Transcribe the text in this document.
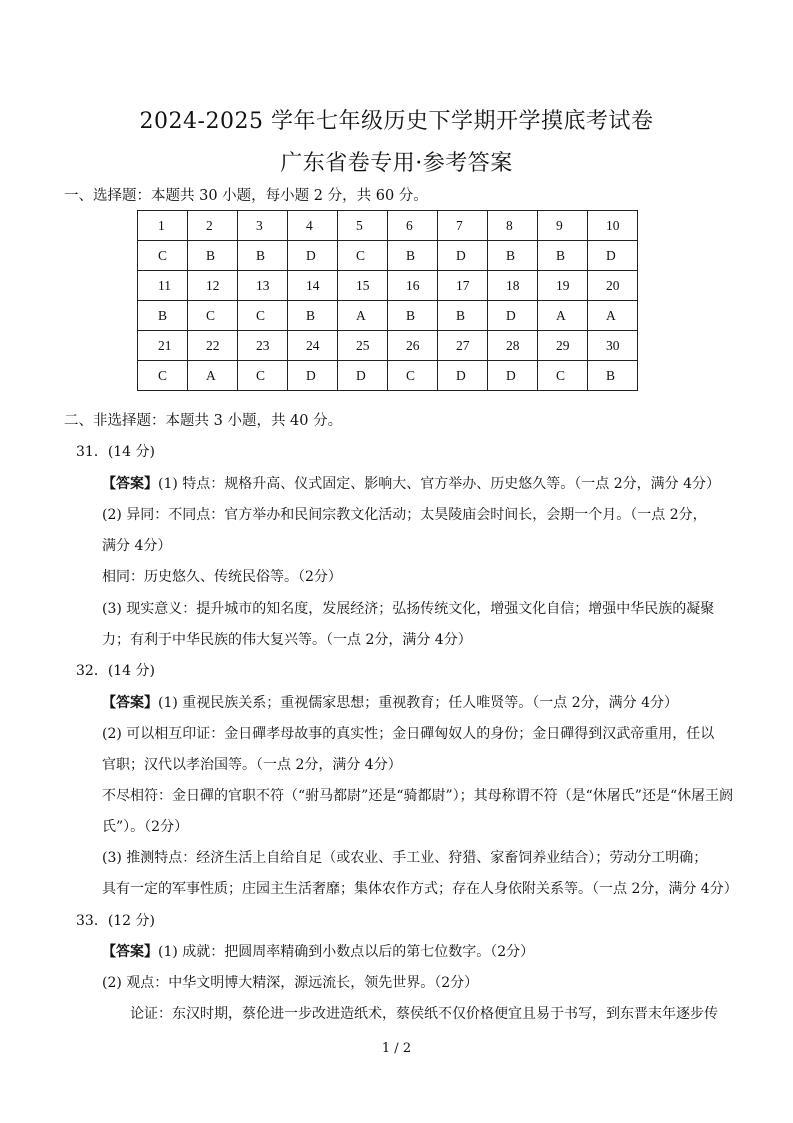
2024-2025 学年七年级历史下学期开学摸底考试卷
广东省卷专用·参考答案
一、选择题：本题共 30 小题，每小题 2 分，共 60 分。
1	2	3	4	5	6	7	8	9	10
C	B	B	D	C	B	D	B	B	D
11	12	13	14	15	16	17	18	19	20
B	C	C	B	A	B	B	D	A	A
21	22	23	24	25	26	27	28	29	30
C	A	C	D	D	C	D	D	C	B
二、非选择题：本题共 3 小题，共 40 分。
31．(14 分)
【答案】(1) 特点：规格升高、仪式固定、影响大、官方举办、历史悠久等。（一点 2分，满分 4分）
(2) 异同：不同点：官方举办和民间宗教文化活动；太昊陵庙会时间长，会期一个月。（一点 2分，
满分 4分）
相同：历史悠久、传统民俗等。（2分）
(3) 现实意义：提升城市的知名度，发展经济；弘扬传统文化，增强文化自信；增强中华民族的凝聚
力；有利于中华民族的伟大复兴等。（一点 2分，满分 4分）
32．(14 分)
【答案】(1) 重视民族关系；重视儒家思想；重视教育；任人唯贤等。（一点 2分，满分 4分）
(2) 可以相互印证：金日磾孝母故事的真实性；金日磾匈奴人的身份；金日磾得到汉武帝重用，任以
官职；汉代以孝治国等。（一点 2分，满分 4分）
不尽相符：金日磾的官职不符（“驸马都尉”还是“骑都尉”）；其母称谓不符（是“休屠氏”还是“休屠王阏
氏”）。（2分）
(3) 推测特点：经济生活上自给自足（或农业、手工业、狩猎、家畜饲养业结合）；劳动分工明确；
具有一定的军事性质；庄园主生活奢靡；集体农作方式；存在人身依附关系等。（一点 2分，满分 4分）
33．(12 分)
【答案】(1) 成就：把圆周率精确到小数点以后的第七位数字。（2分）
(2) 观点：中华文明博大精深，源远流长，领先世界。（2分）
论证：东汉时期，蔡伦进一步改进造纸术，蔡侯纸不仅价格便宜且易于书写，到东晋末年逐步传
1 / 2
